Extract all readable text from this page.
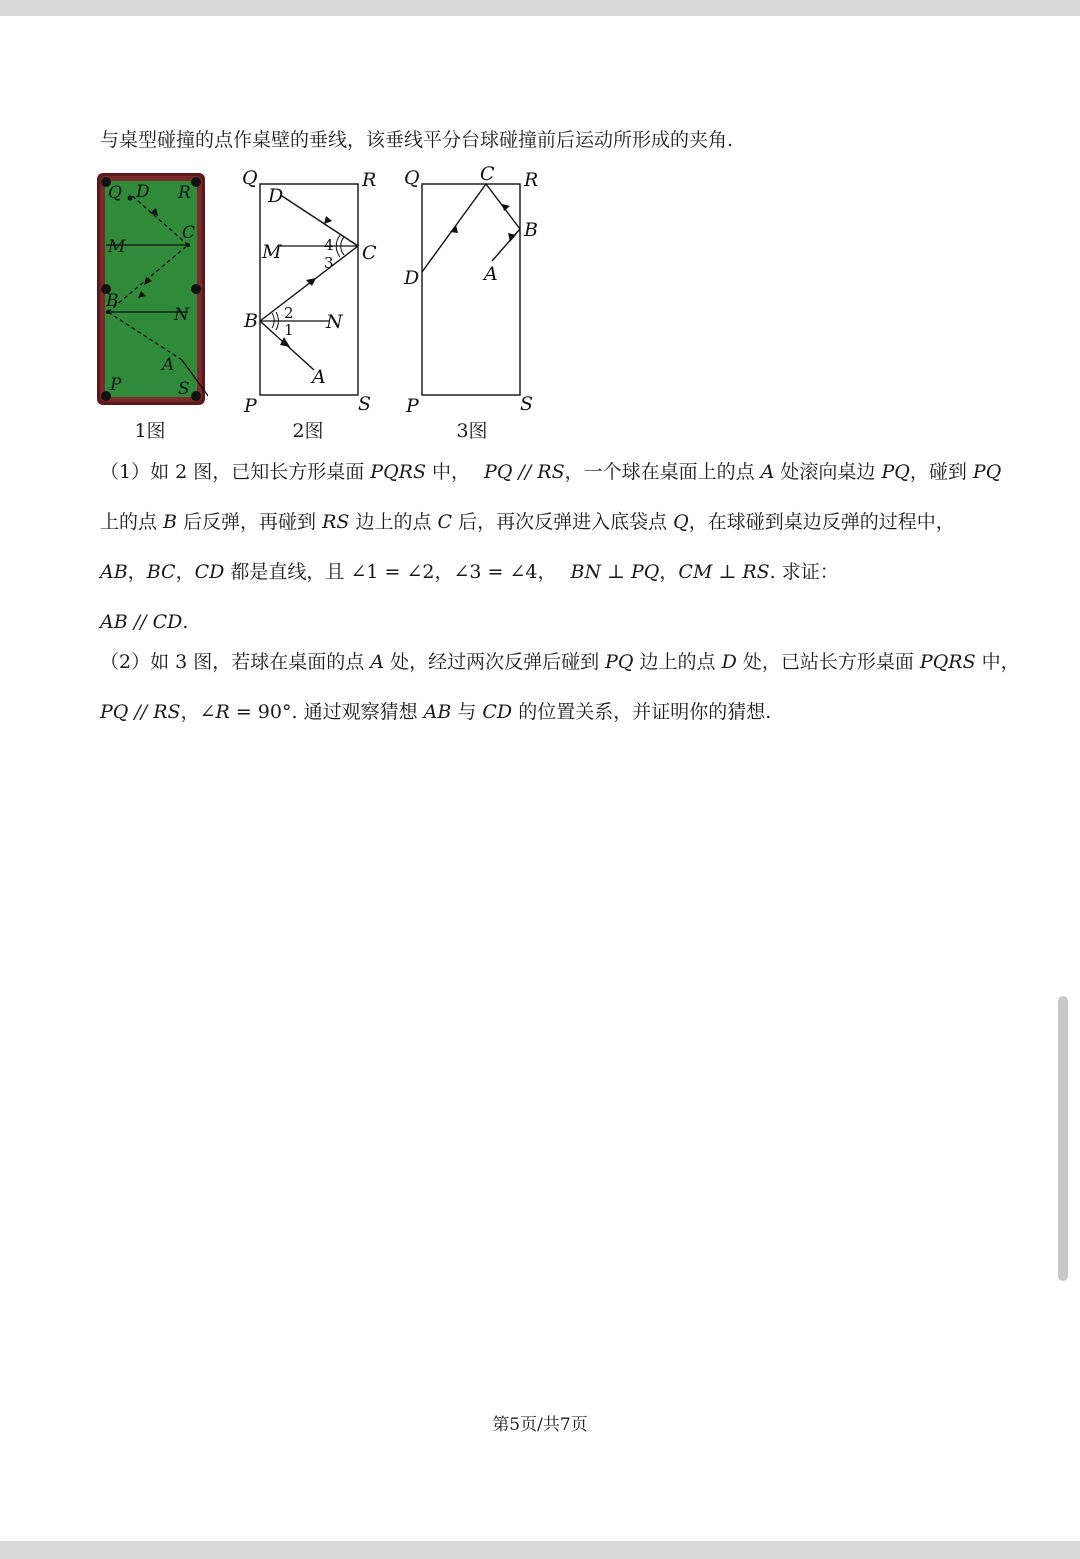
与桌型碰撞的点作桌壁的垂线，该垂线平分台球碰撞前后运动所形成的夹角.
Q D R
M
C
B
N
A
P	S
1图
Q	R
D
M	C
B	N
A
P	S
2
1
4
3
2图
Q	C R
B
D	A
P	S
3图
（1）如 2 图，已知长方形桌面 PQRS 中， PQ // RS，一个球在桌面上的点 A 处滚向桌边 PQ，碰到 PQ
上的点 B 后反弹，再碰到 RS 边上的点 C 后，再次反弹进入底袋点 Q，在球碰到桌边反弹的过程中，
AB，BC，CD 都是直线，且 ∠1 = ∠2，∠3 = ∠4， BN ⊥ PQ，CM ⊥ RS. 求证：
AB // CD.
（2）如 3 图，若球在桌面的点 A 处，经过两次反弹后碰到 PQ 边上的点 D 处，已站长方形桌面 PQRS 中，
PQ // RS，∠R = 90°. 通过观察猜想 AB 与 CD 的位置关系，并证明你的猜想.
第5页/共7页
